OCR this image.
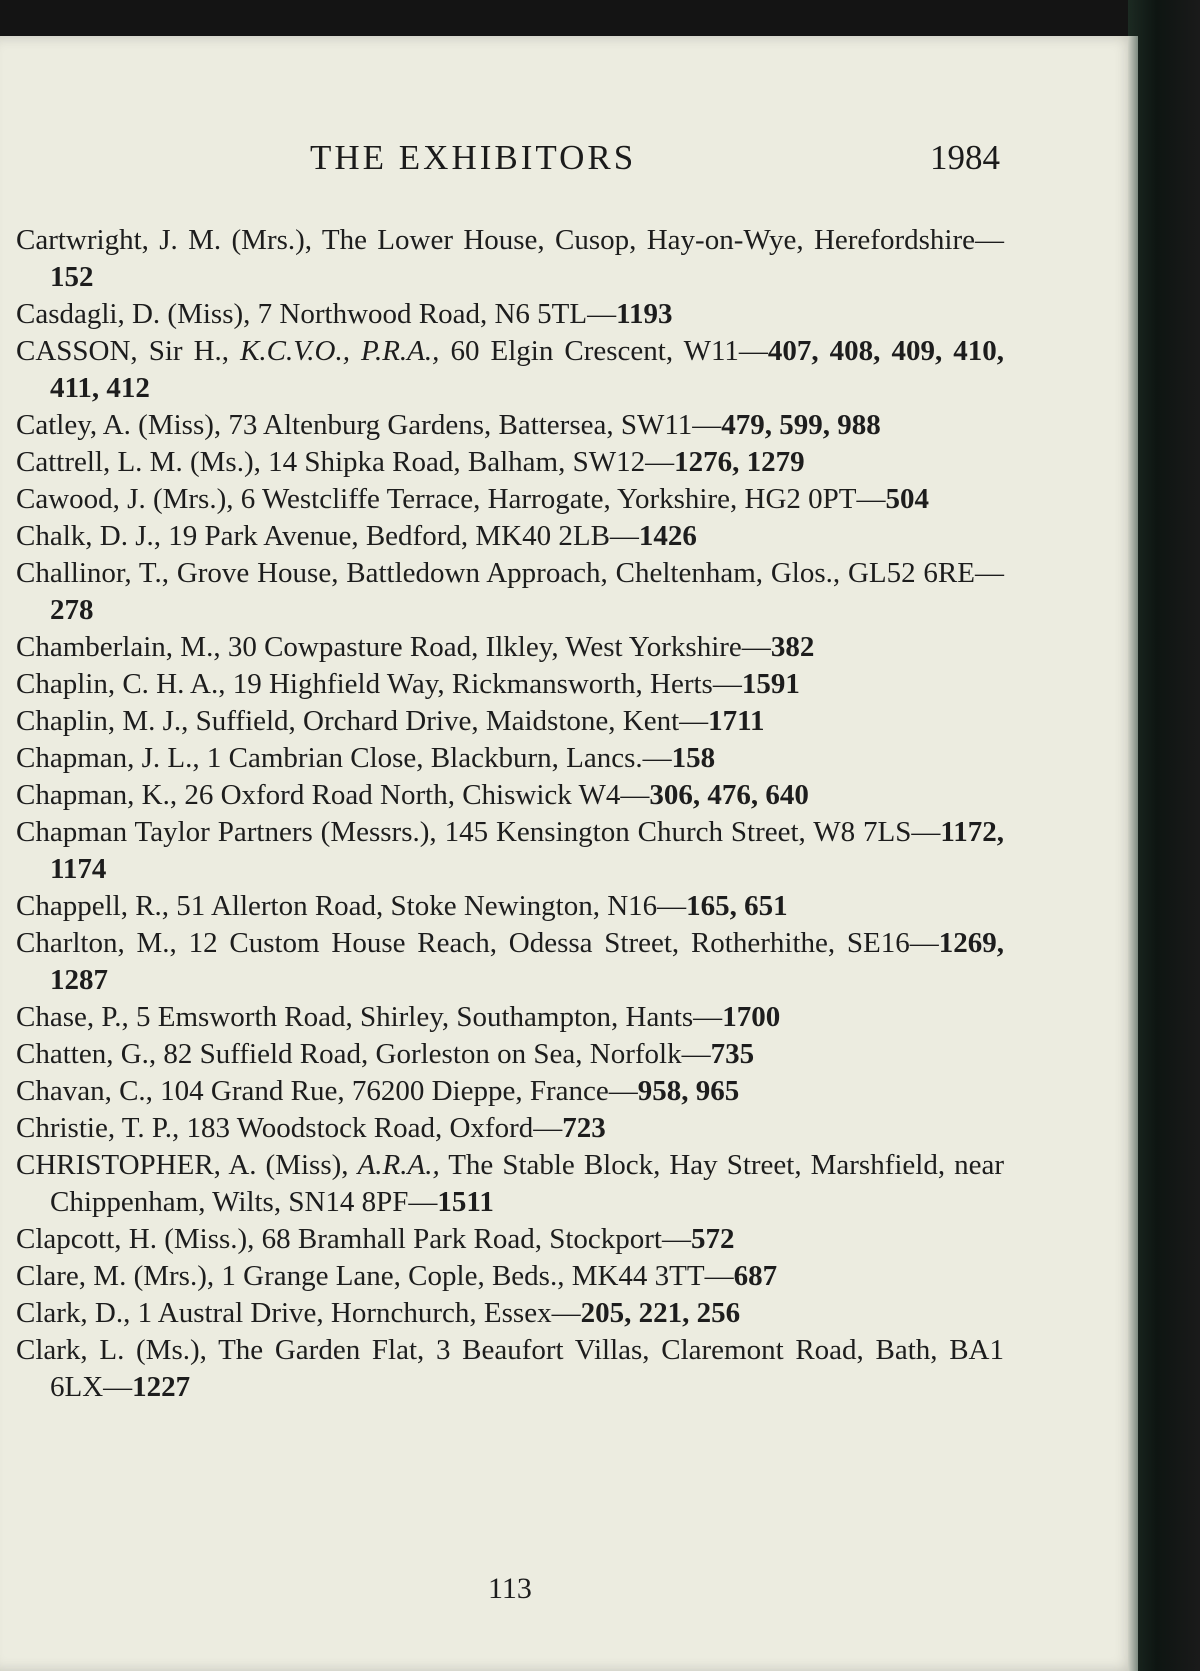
THE EXHIBITORS	1984
Cartwright, J. M. (Mrs.), The Lower House, Cusop, Hay-on-Wye, Herefordshire—152
Casdagli, D. (Miss), 7 Northwood Road, N6 5TL—1193
CASSON, Sir H., K.C.V.O., P.R.A., 60 Elgin Crescent, W11—407, 408, 409, 410, 411, 412
Catley, A. (Miss), 73 Altenburg Gardens, Battersea, SW11—479, 599, 988
Cattrell, L. M. (Ms.), 14 Shipka Road, Balham, SW12—1276, 1279
Cawood, J. (Mrs.), 6 Westcliffe Terrace, Harrogate, Yorkshire, HG2 0PT—504
Chalk, D. J., 19 Park Avenue, Bedford, MK40 2LB—1426
Challinor, T., Grove House, Battledown Approach, Cheltenham, Glos., GL52 6RE—278
Chamberlain, M., 30 Cowpasture Road, Ilkley, West Yorkshire—382
Chaplin, C. H. A., 19 Highfield Way, Rickmansworth, Herts—1591
Chaplin, M. J., Suffield, Orchard Drive, Maidstone, Kent—1711
Chapman, J. L., 1 Cambrian Close, Blackburn, Lancs.—158
Chapman, K., 26 Oxford Road North, Chiswick W4—306, 476, 640
Chapman Taylor Partners (Messrs.), 145 Kensington Church Street, W8 7LS—1172, 1174
Chappell, R., 51 Allerton Road, Stoke Newington, N16—165, 651
Charlton, M., 12 Custom House Reach, Odessa Street, Rotherhithe, SE16—1269, 1287
Chase, P., 5 Emsworth Road, Shirley, Southampton, Hants—1700
Chatten, G., 82 Suffield Road, Gorleston on Sea, Norfolk—735
Chavan, C., 104 Grand Rue, 76200 Dieppe, France—958, 965
Christie, T. P., 183 Woodstock Road, Oxford—723
CHRISTOPHER, A. (Miss), A.R.A., The Stable Block, Hay Street, Marshfield, near Chippenham, Wilts, SN14 8PF—1511
Clapcott, H. (Miss.), 68 Bramhall Park Road, Stockport—572
Clare, M. (Mrs.), 1 Grange Lane, Cople, Beds., MK44 3TT—687
Clark, D., 1 Austral Drive, Hornchurch, Essex—205, 221, 256
Clark, L. (Ms.), The Garden Flat, 3 Beaufort Villas, Claremont Road, Bath, BA1 6LX—1227
113
